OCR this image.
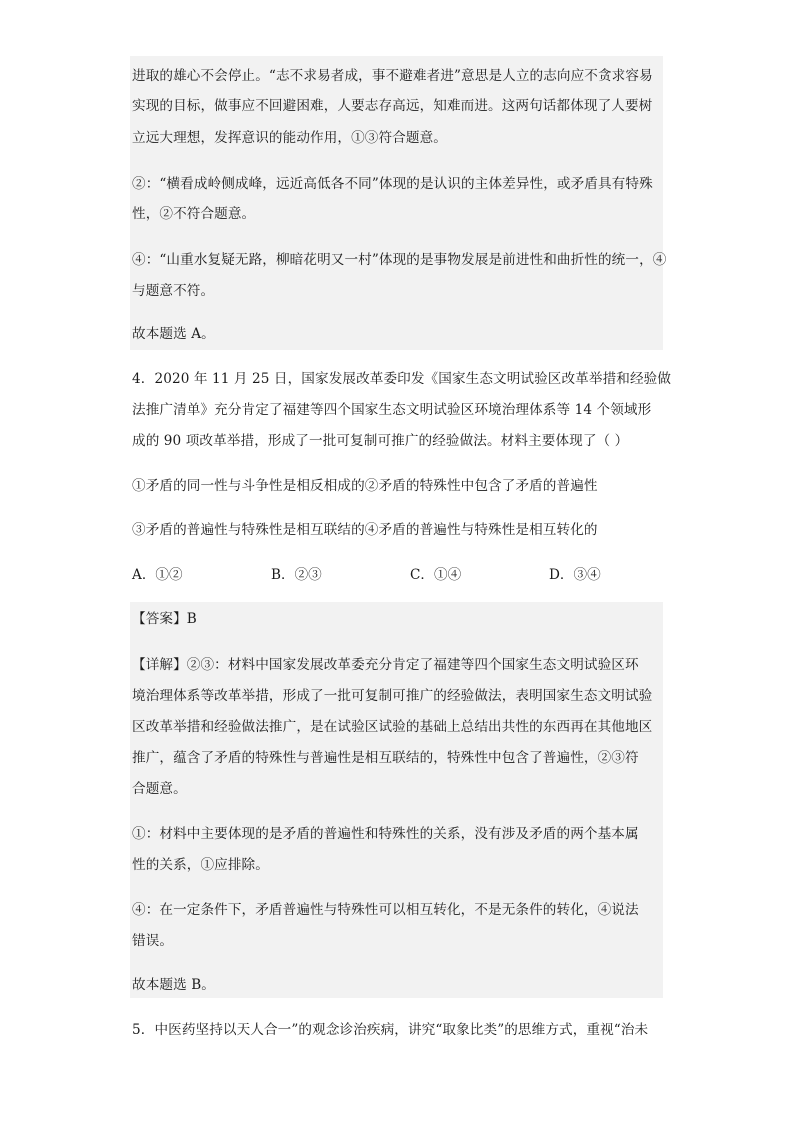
进取的雄心不会停止。“志不求易者成，事不避难者进”意思是人立的志向应不贪求容易
实现的目标，做事应不回避困难，人要志存高远，知难而进。这两句话都体现了人要树
立远大理想，发挥意识的能动作用，①③符合题意。
②：“横看成岭侧成峰，远近高低各不同”体现的是认识的主体差异性，或矛盾具有特殊
性，②不符合题意。
④：“山重水复疑无路，柳暗花明又一村”体现的是事物发展是前进性和曲折性的统一，④
与题意不符。
故本题选 A。
4．2020 年 11 月 25 日，国家发展改革委印发《国家生态文明试验区改革举措和经验做
法推广清单》充分肯定了福建等四个国家生态文明试验区环境治理体系等 14 个领域形
成的 90 项改革举措，形成了一批可复制可推广的经验做法。材料主要体现了（ ）
①矛盾的同一性与斗争性是相反相成的②矛盾的特殊性中包含了矛盾的普遍性
③矛盾的普遍性与特殊性是相互联结的④矛盾的普遍性与特殊性是相互转化的
A．①②	B．②③	C．①④	D．③④
【答案】B
【详解】②③：材料中国家发展改革委充分肯定了福建等四个国家生态文明试验区环
境治理体系等改革举措，形成了一批可复制可推广的经验做法，表明国家生态文明试验
区改革举措和经验做法推广，是在试验区试验的基础上总结出共性的东西再在其他地区
推广，蕴含了矛盾的特殊性与普遍性是相互联结的，特殊性中包含了普遍性，②③符
合题意。
①：材料中主要体现的是矛盾的普遍性和特殊性的关系，没有涉及矛盾的两个基本属
性的关系，①应排除。
④：在一定条件下，矛盾普遍性与特殊性可以相互转化，不是无条件的转化，④说法
错误。
故本题选 B。
5．中医药坚持以天人合一”的观念诊治疾病，讲究“取象比类”的思维方式，重视“治未
